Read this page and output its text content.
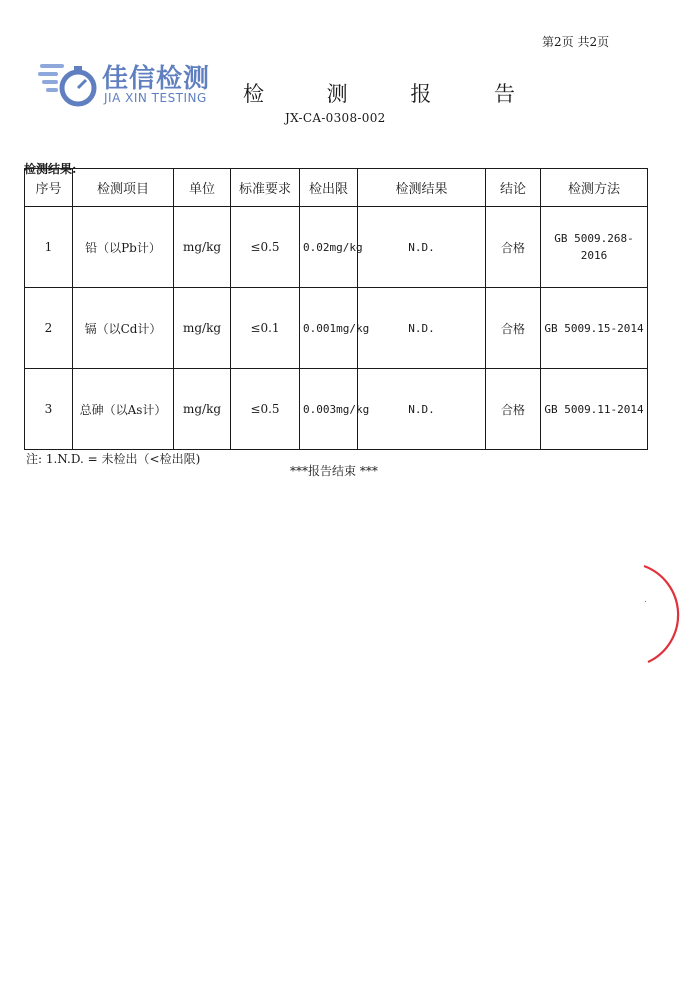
第2页 共2页
佳信检测
JIA XIN TESTING 检 测 报 告
JX-CA-0308-002
检测结果:
序号	检测项目	单位	标准要求	检出限	检测结果	结论	检测方法
1	铅（以Pb计）	mg/kg	≤0.5	0.02mg/kg	N.D.	合格	GB 5009.268-2016
2	镉（以Cd计）	mg/kg	≤0.1	0.001mg/kg	N.D.	合格	GB 5009.15-2014
3	总砷（以As计）	mg/kg	≤0.5	0.003mg/kg	N.D.	合格	GB 5009.11-2014
注: 1.N.D. = 未检出（<检出限)
***报告结束 ***
.
